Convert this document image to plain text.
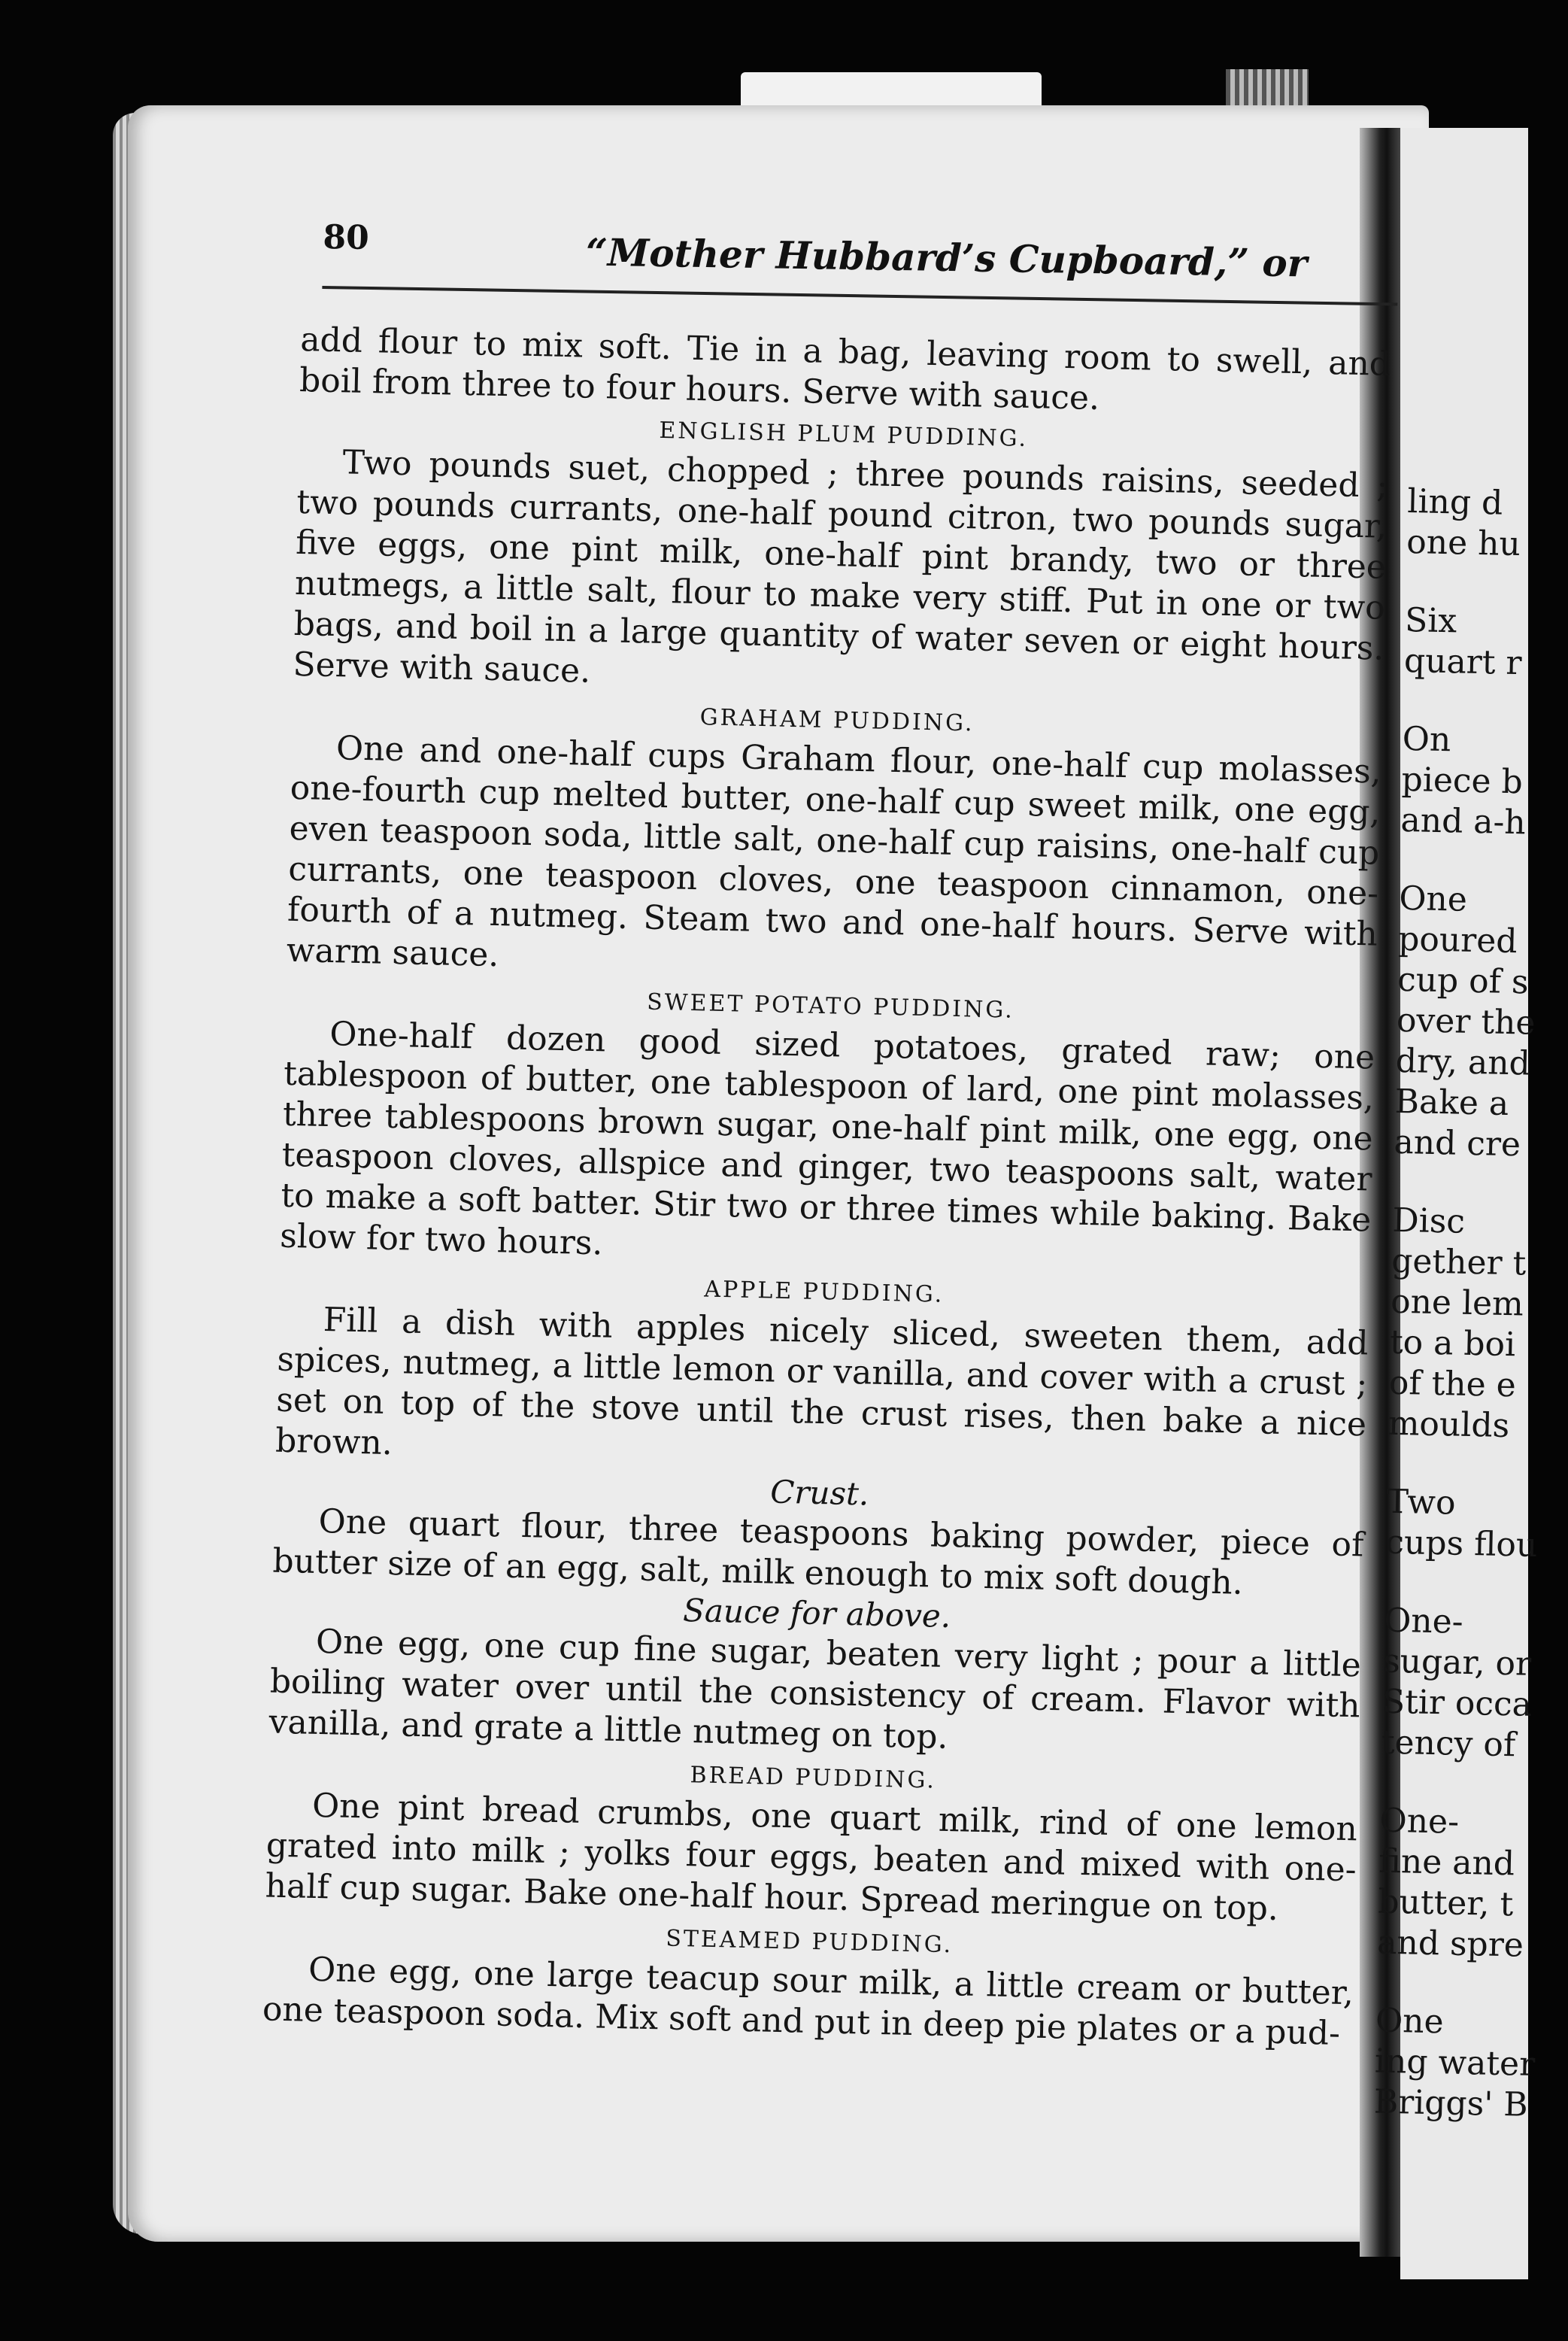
ling d
one hu
Six
quart r
On
piece b
and a-h
One
poured
cup of s
over the
dry, and
Bake a
and cre
Disc
gether t
one lem
to a boi
of the e
moulds
Two
cups flou
One-
sugar, or
Stir occa
tency of
One-
fine and
butter, t
and spre
One
ing water
Briggs' B
80	“Mother Hubbard’s Cupboard,” or

add flour to mix soft. Tie in a bag, leaving room to swell, and boil from three to four hours. Serve with sauce.

ENGLISH PLUM PUDDING.

Two pounds suet, chopped ; three pounds raisins, seeded ; two pounds currants, one-half pound citron, two pounds sugar, five eggs, one pint milk, one-half pint brandy, two or three nutmegs, a little salt, flour to make very stiff. Put in one or two bags, and boil in a large quantity of water seven or eight hours. Serve with sauce.

GRAHAM PUDDING.

One and one-half cups Graham flour, one-half cup molasses, one-fourth cup melted butter, one-half cup sweet milk, one egg, even teaspoon soda, little salt, one-half cup raisins, one-half cup currants, one teaspoon cloves, one teaspoon cinnamon, one-fourth of a nutmeg. Steam two and one-half hours. Serve with warm sauce.

SWEET POTATO PUDDING.

One-half dozen good sized potatoes, grated raw; one tablespoon of butter, one tablespoon of lard, one pint molasses, three tablespoons brown sugar, one-half pint milk, one egg, one teaspoon cloves, allspice and ginger, two teaspoons salt, water to make a soft batter. Stir two or three times while baking. Bake slow for two hours.

APPLE PUDDING.

Fill a dish with apples nicely sliced, sweeten them, add spices, nutmeg, a little lemon or vanilla, and cover with a crust ; set on top of the stove until the crust rises, then bake a nice brown.

Crust.

One quart flour, three teaspoons baking powder, piece of butter size of an egg, salt, milk enough to mix soft dough.

Sauce for above.

One egg, one cup fine sugar, beaten very light ; pour a little boiling water over until the consistency of cream. Flavor with vanilla, and grate a little nutmeg on top.

BREAD PUDDING.

One pint bread crumbs, one quart milk, rind of one lemon grated into milk ; yolks four eggs, beaten and mixed with one-half cup sugar. Bake one-half hour. Spread meringue on top.

STEAMED PUDDING.

One egg, one large teacup sour milk, a little cream or butter, one teaspoon soda. Mix soft and put in deep pie plates or a pud-
